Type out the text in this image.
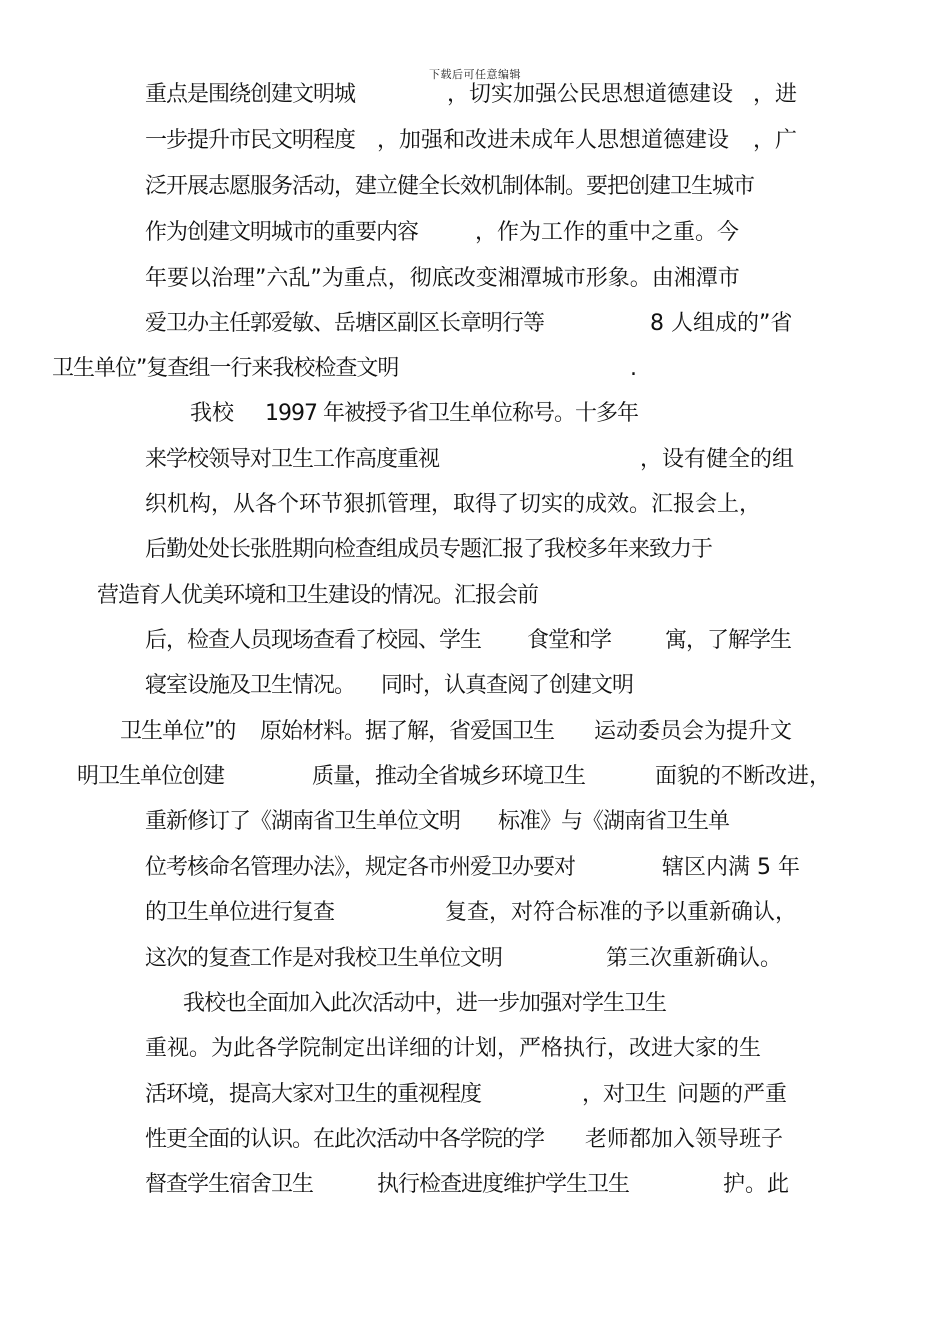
下载后可任意编辑
重点是围绕创建文明城	，切实加强公民思想道德建设 ，进
一步提升市民文明程度 ，加强和改进未成年人思想道德建设 ，广
泛开展志愿服务活动，建立健全长效机制体制。要把创建卫生城市
作为创建文明城市的重要内容	，作为工作的重中之重。今
年要以治理”六乱”为重点，彻底改变湘潭城市形象。由湘潭市
爱卫办主任郭爱敏、岳塘区副区长章明行等	8 人组成的”省
卫生单位”复查组一行来我校检查文明	.
我校 1997 年被授予省卫生单位称号。十多年
来学校领导对卫生工作高度重视	，设有健全的组
织机构，从各个环节狠抓管理，取得了切实的成效。汇报会上，
后勤处处长张胜期向检查组成员专题汇报了我校多年来致力于
营造育人优美环境和卫生建设的情况。汇报会前
后，检查人员现场查看了校园、学生 食堂和学 寓，了解学生
寝室设施及卫生情况。 同时，认真查阅了创建文明
卫生单位”的 原始材料。据了解，省爱国卫生 运动委员会为提升文
明卫生单位创建	质量，推动全省城乡环境卫生	面貌的不断改进，
重新修订了《湖南省卫生单位文明 标准》与《湖南省卫生单
位考核命名管理办法》，规定各市州爱卫办要对	辖区内满 5 年
的卫生单位进行复查	复查，对符合标准的予以重新确认，
这次的复查工作是对我校卫生单位文明	第三次重新确认。
我校也全面加入此次活动中，进一步加强对学生卫生
重视。为此各学院制定出详细的计划，严格执行，改进大家的生
活环境，提高大家对卫生的重视程度	，对卫生 问题的严重
性更全面的认识。在此次活动中各学院的学 老师都加入领导班子
督查学生宿舍卫生	执行检查进度维护学生卫生	护。此
